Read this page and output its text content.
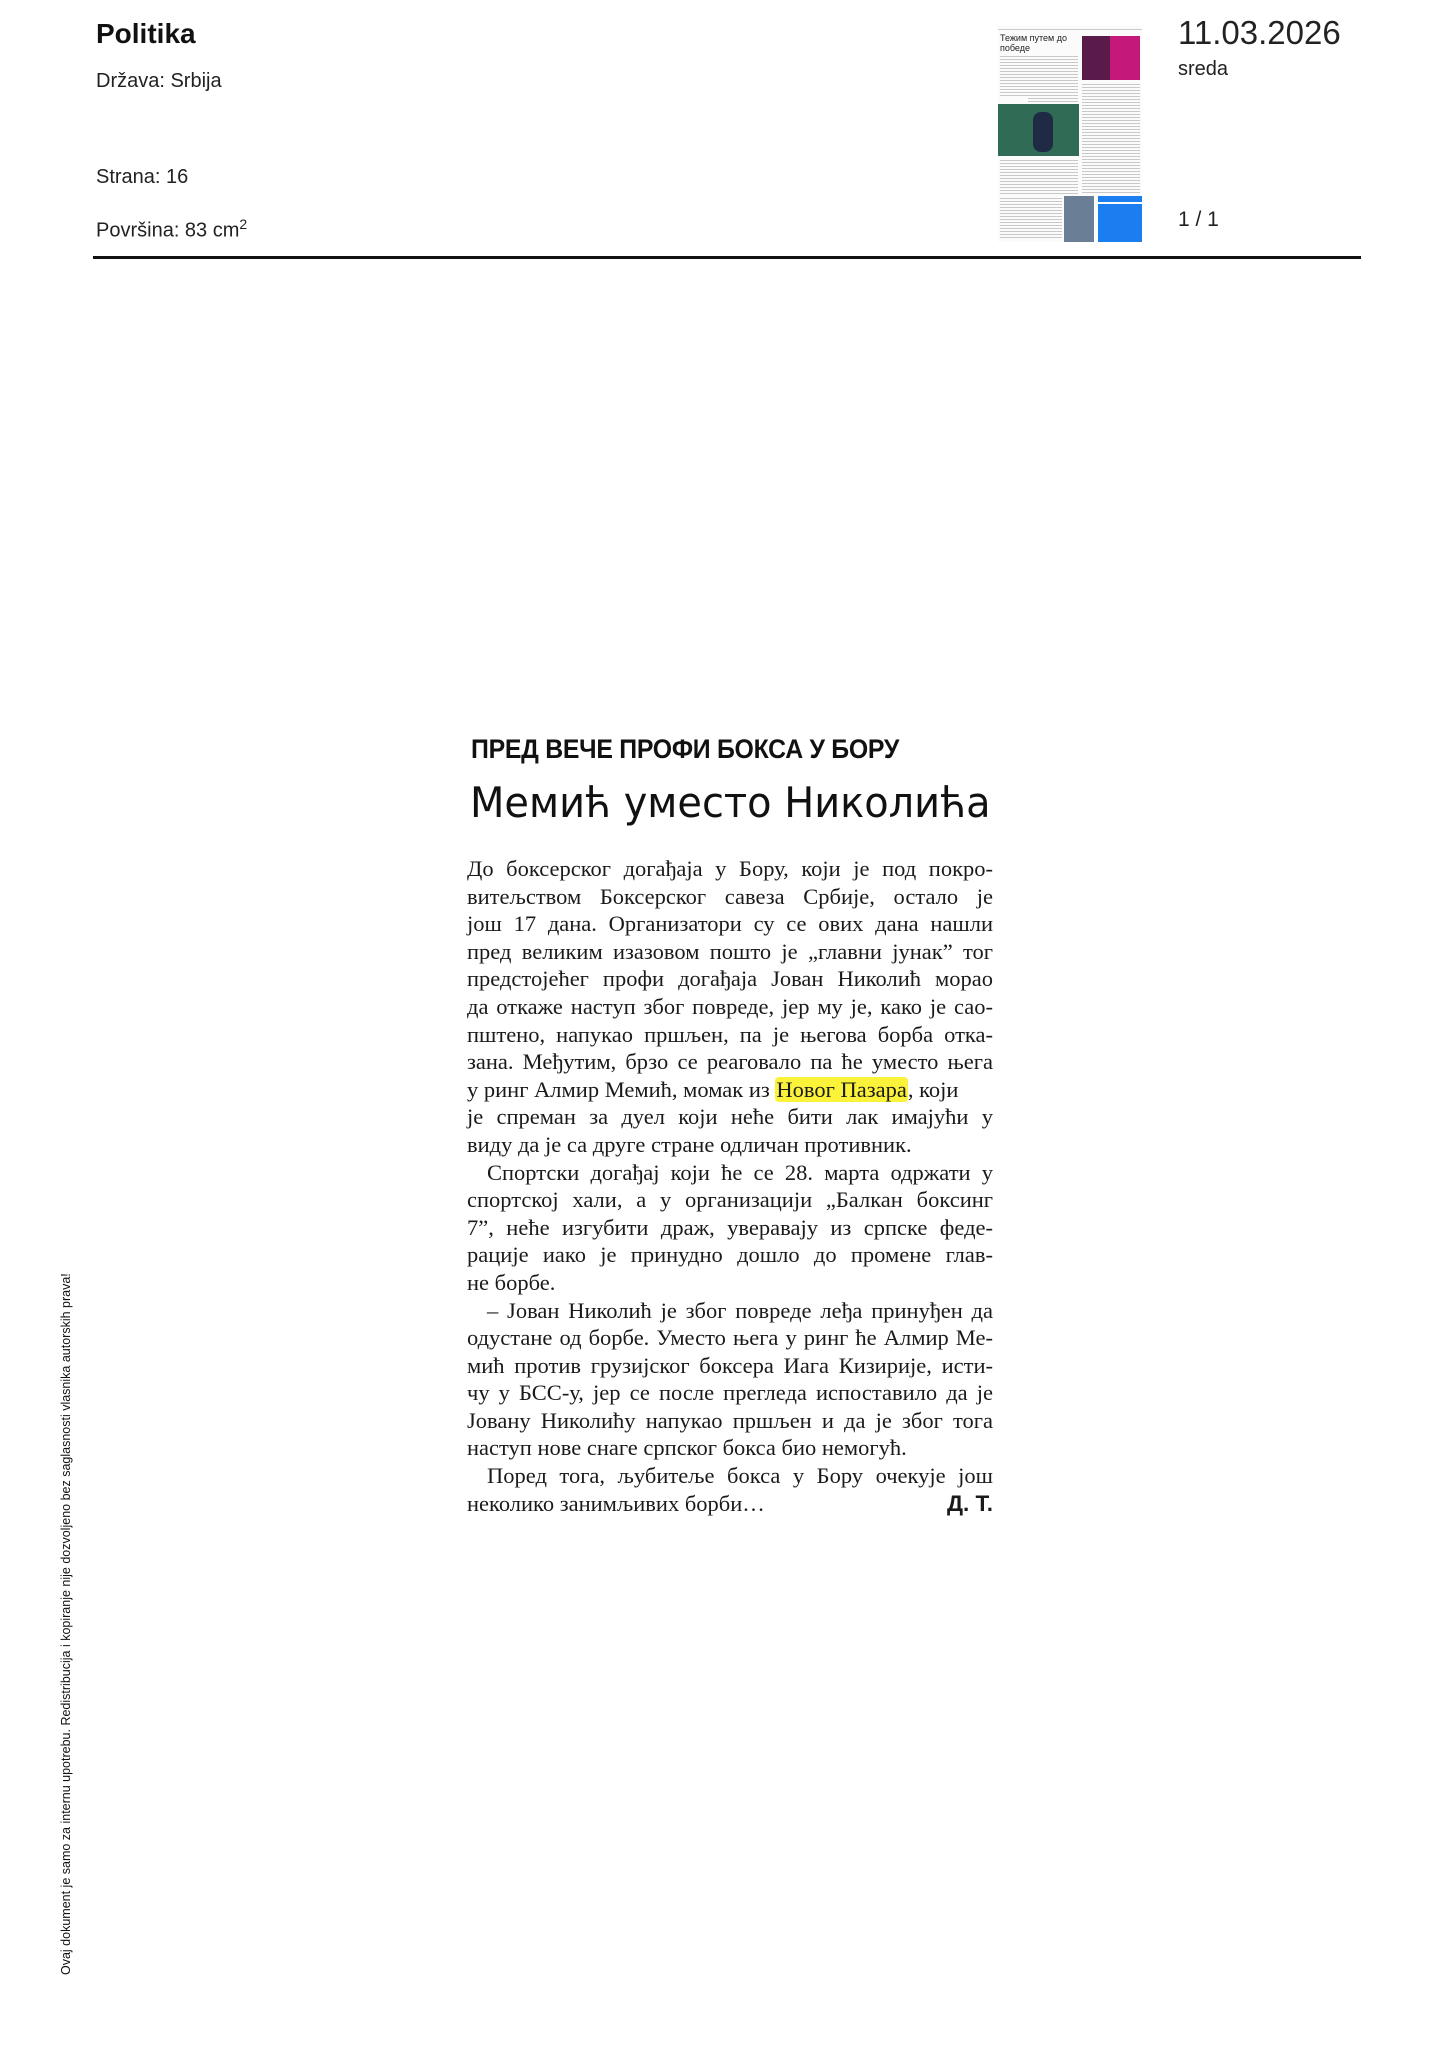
Politika
Država: Srbija
Strana: 16
Površina: 83 $cm^2$
Тежим путем до победе	11.03.2026
sreda
1 / 1
ПРЕД ВЕЧЕ ПРОФИ БОКСА У БОРУ
Мемић уместо Николића
До боксерског догађаја у Бору, који је под покро-
витељством Боксерског савеза Србије, остало је
још 17 дана. Организатори су се ових дана нашли
пред великим изазовом пошто је „главни јунак” тог
предстојећег профи догађаја Јован Николић морао
да откаже наступ због повреде, јер му је, како је сао-
пштено, напукао пршљен, па је његова борба отка-
зана. Међутим, брзо се реаговало па ће уместо њега
у ринг Алмир Мемић, момак из Новог Пазара, који
је спреман за дуел који неће бити лак имајући у
виду да је са друге стране одличан противник.
Спортски догађај који ће се 28. марта одржати у
спортској хали, а у организацији „Балкан боксинг
7”, неће изгубити драж, уверавају из српске феде-
рације иако је принудно дошло до промене глав-
не борбе.
– Јован Николић је због повреде леђа принуђен да
одустане од борбе. Уместо њега у ринг ће Алмир Ме-
мић против грузијског боксера Иага Кизирије, исти-
чу у БСС-у, јер се после прегледа испоставило да је
Јовану Николићу напукао пршљен и да је због тога
наступ нове снаге српског бокса био немогућ.
Поред тога, љубитеље бокса у Бору очекује још
неколико занимљивих борби…	Д. Т.
Ovaj dokument je samo za internu upotrebu. Redistribucija i kopiranje nije dozvoljeno bez saglasnosti vlasnika autorskih prava!
